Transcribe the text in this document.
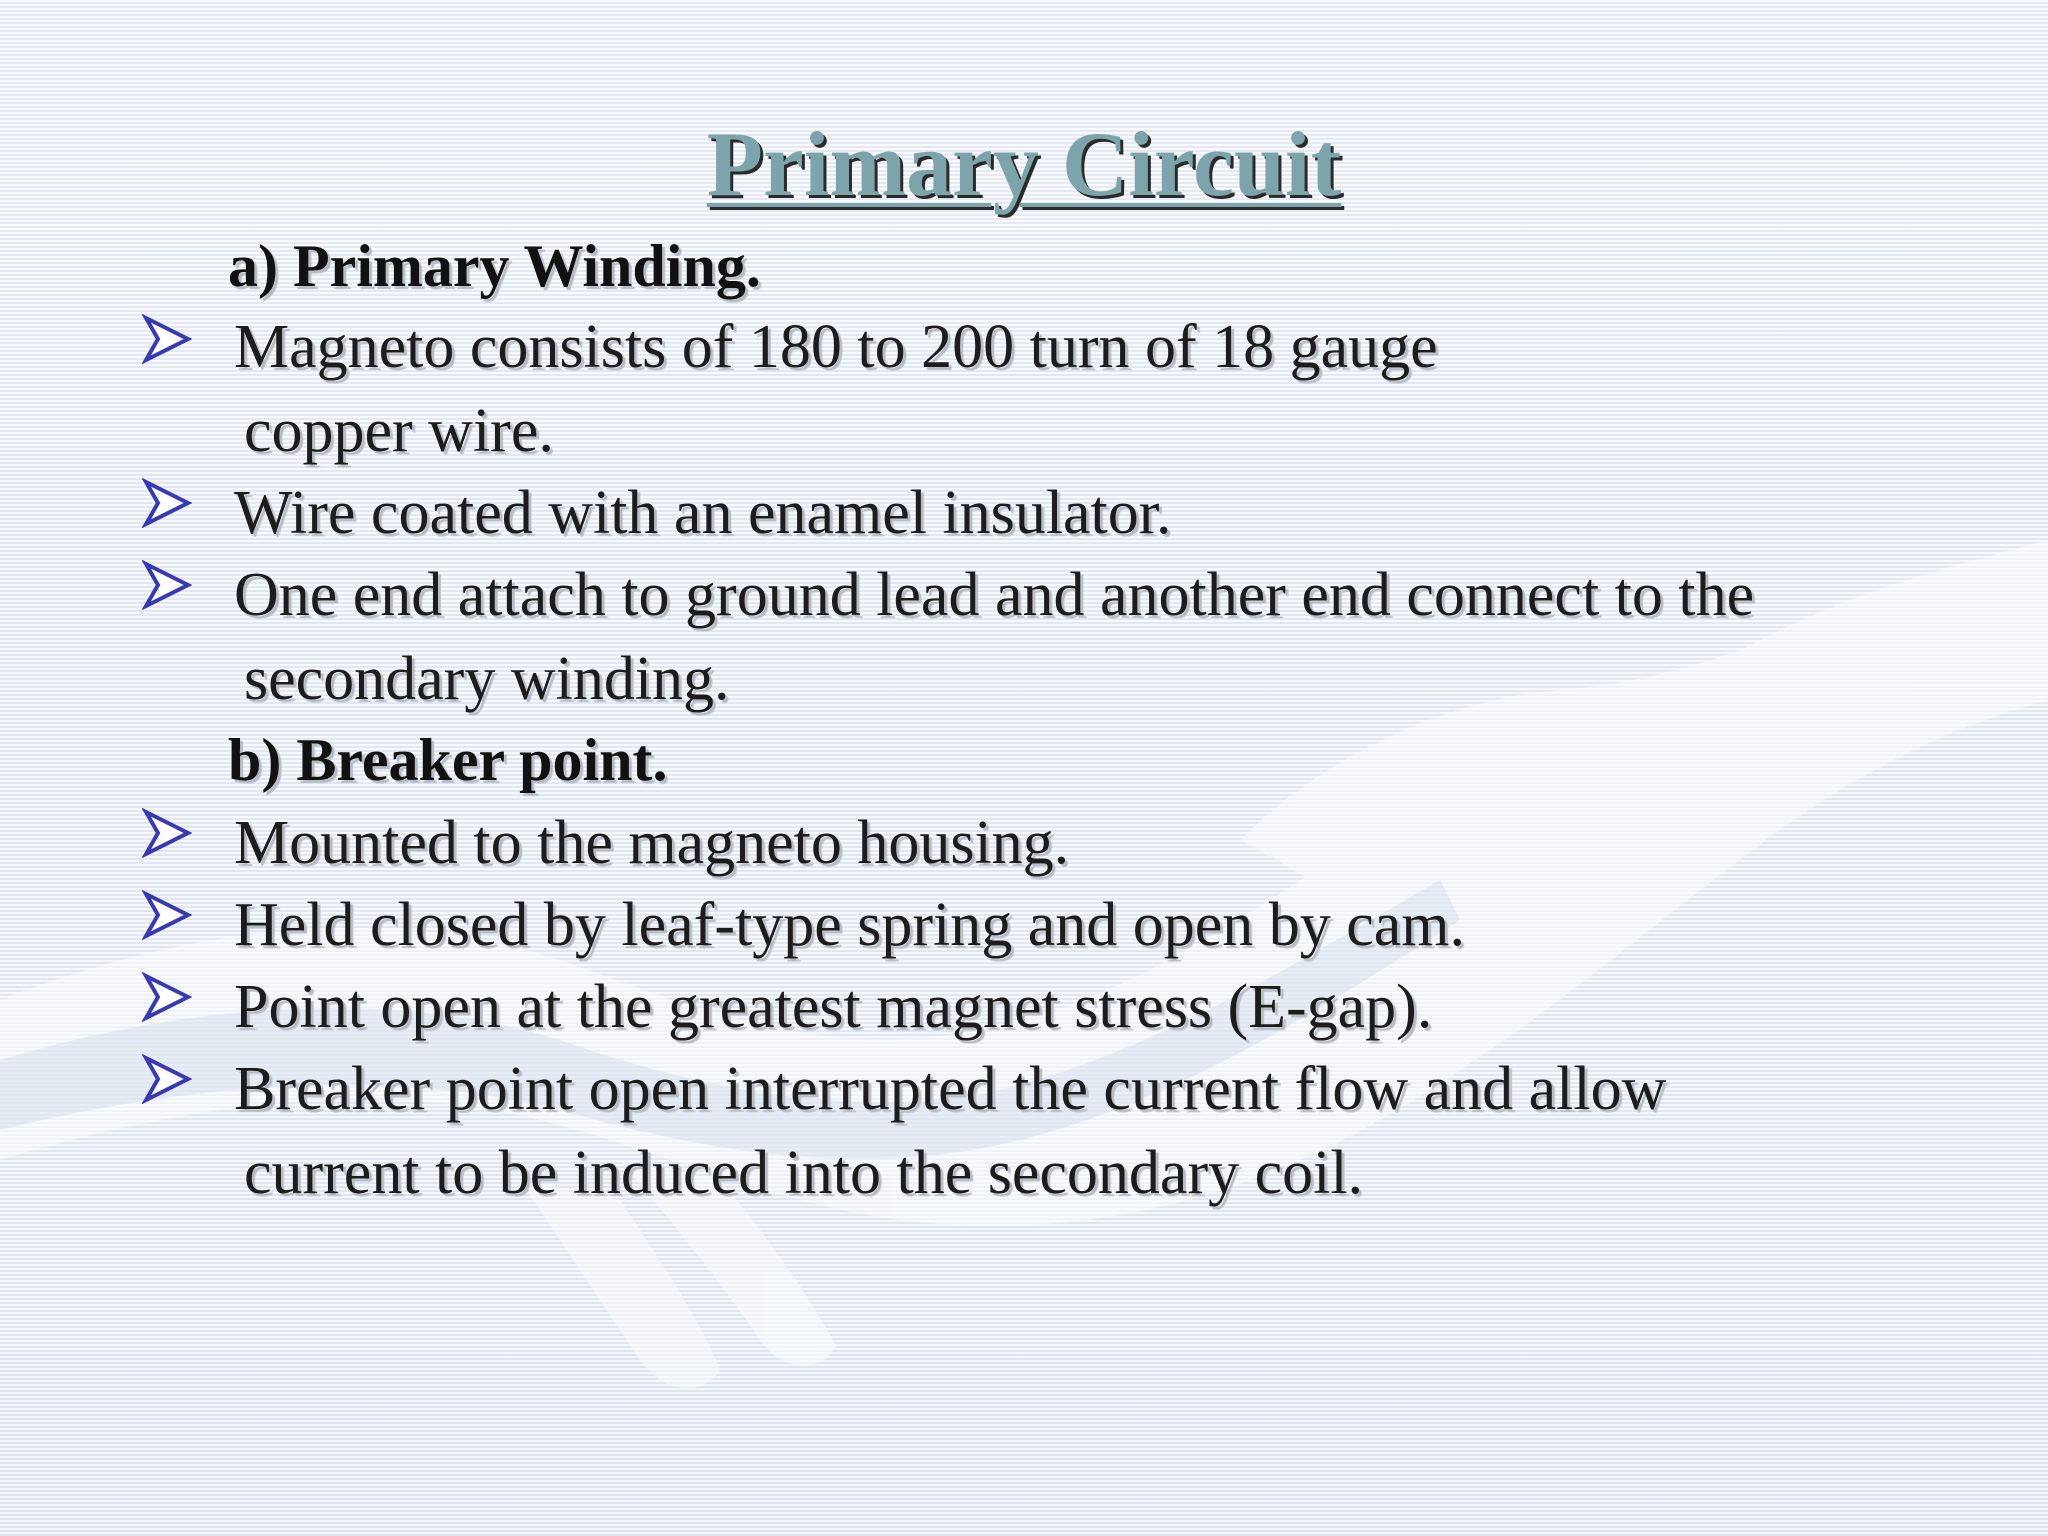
Primary Circuit
a) Primary Winding.
Magneto consists of 180 to 200 turn of 18 gauge
copper wire.
Wire coated with an enamel insulator.
One end attach to ground lead and another end connect to the
secondary winding.
b) Breaker point.
Mounted to the magneto housing.
Held closed by leaf-type spring and open by cam.
Point open at the greatest magnet stress (E-gap).
Breaker point open interrupted the current flow and allow
current to be induced into the secondary coil.
